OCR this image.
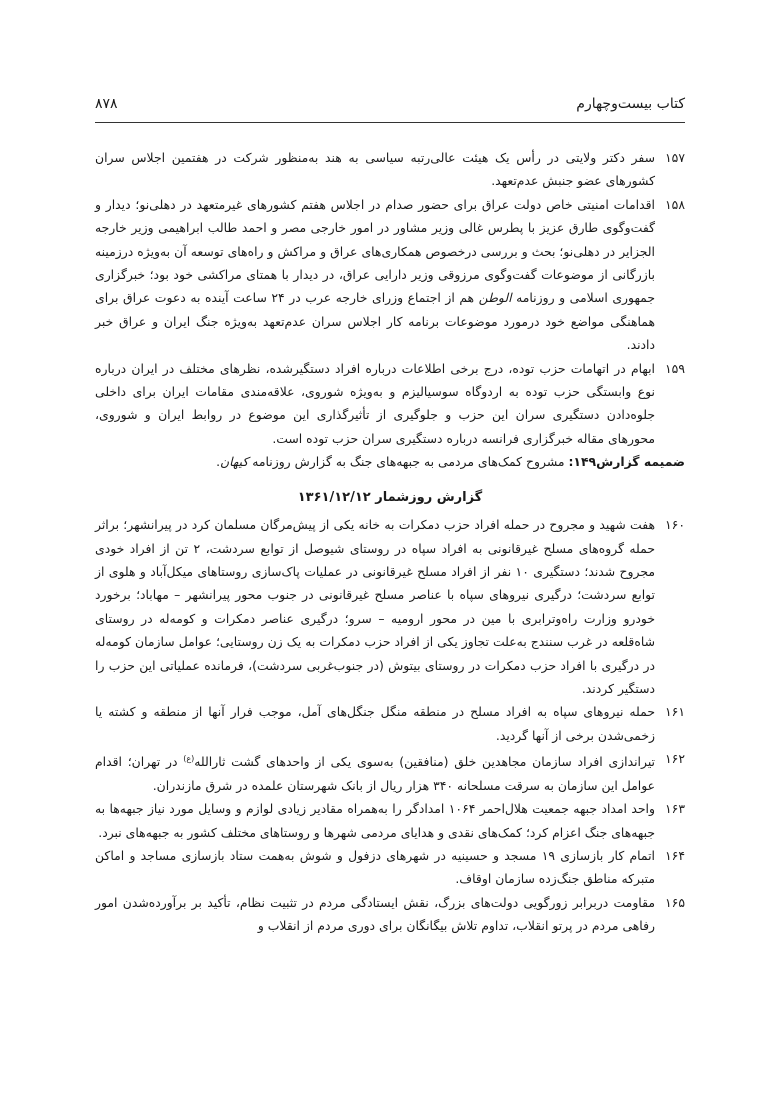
کتاب بیست‌وچهارم
۸۷۸
۱۵۷
سفر دکتر ولایتی در رأس یک هیئت عالی‌رتبه سیاسی به هند به‌منظور شرکت در هفتمین اجلاس سران کشورهای عضو جنبش عدم‌تعهد.
۱۵۸
اقدامات امنیتی خاص دولت عراق برای حضور صدام در اجلاس هفتم کشورهای غیرمتعهد در دهلی‌نو؛ دیدار و گفت‌وگوی طارق عزیز با پطرس غالی وزیر مشاور در امور خارجی مصر و احمد طالب ابراهیمی وزیر خارجه الجزایر در دهلی‌نو؛ بحث و بررسی درخصوص همکاری‌های عراق و مراکش و راه‌های توسعه آن به‌ویژه درزمینه بازرگانی از موضوعات گفت‌وگوی مرزوقی وزیر دارایی عراق، در دیدار با همتای مراکشی خود بود؛ خبرگزاری جمهوری اسلامی و روزنامه الوطن هم از اجتماع وزرای خارجه عرب در ۲۴ ساعت آینده به دعوت عراق برای هماهنگی مواضع خود درمورد موضوعات برنامه کار اجلاس سران عدم‌تعهد به‌ویژه جنگ ایران و عراق خبر دادند.
۱۵۹
ابهام در اتهامات حزب توده، درج برخی اطلاعات درباره افراد دستگیرشده، نظرهای مختلف در ایران درباره نوع وابستگی حزب توده به اردوگاه سوسیالیزم و به‌ویژه شوروی، علاقه‌مندی مقامات ایران برای داخلی جلوه‌دادن دستگیری سران این حزب و جلوگیری از تأثیرگذاری این موضوع در روابط ایران و شوروی، محورهای مقاله خبرگزاری فرانسه درباره دستگیری سران حزب توده است.

ضمیمه گزارش۱۴۹: مشروح کمک‌های مردمی به جبهه‌های جنگ به گزارش روزنامه کیهان.

گزارش روزشمار ۱۳۶۱/۱۲/۱۲
۱۶۰
هفت شهید و مجروح در حمله افراد حزب دمکرات به خانه یکی از پیش‌مرگان مسلمان کرد در پیرانشهر؛ براثر حمله گروه‌های مسلح غیرقانونی به افراد سپاه در روستای شیوصل از توابع سردشت، ۲ تن از افراد خودی مجروح شدند؛ دستگیری ۱۰ نفر از افراد مسلح غیرقانونی در عملیات پاک‌سازی روستاهای میکل‌آباد و هلوی از توابع سردشت؛ درگیری نیروهای سپاه با عناصر مسلح غیرقانونی در جنوب محور پیرانشهر – مهاباد؛ برخورد خودرو وزارت راه‌وترابری با مین در محور ارومیه – سرو؛ درگیری عناصر دمکرات و کومه‌له در روستای شاه‌قلعه در غرب سنندج به‌علت تجاوز یکی از افراد حزب دمکرات به یک زن روستایی؛ عوامل سازمان کومه‌له در درگیری با افراد حزب دمکرات در روستای بیتوش (در جنوب‌غربی سردشت)، فرمانده عملیاتی این حزب را دستگیر کردند.
۱۶۱
حمله نیروهای سپاه به افراد مسلح در منطقه منگل جنگل‌های آمل، موجب فرار آنها از منطقه و کشته یا زخمی‌شدن برخی از آنها گردید.
۱۶۲
تیراندازی افراد سازمان مجاهدین خلق (منافقین) به‌سوی یکی از واحدهای گشت ثارالله$^{(ع)}$ در تهران؛ اقدام عوامل این سازمان به سرقت مسلحانه ۳۴۰ هزار ریال از بانک شهرستان علمده در شرق مازندران.
۱۶۳
واحد امداد جبهه جمعیت هلال‌احمر ۱۰۶۴ امدادگر را به‌همراه مقادیر زیادی لوازم و وسایل مورد نیاز جبهه‌ها به جبهه‌های جنگ اعزام کرد؛ کمک‌های نقدی و هدایای مردمی شهرها و روستاهای مختلف کشور به جبهه‌های نبرد.
۱۶۴
اتمام کار بازسازی ۱۹ مسجد و حسینیه در شهرهای دزفول و شوش به‌همت ستاد بازسازی مساجد و اماکن متبرکه مناطق جنگ‌زده سازمان اوقاف.
۱۶۵
مقاومت دربرابر زورگویی دولت‌های بزرگ، نقش ایستادگی مردم در تثبیت نظام، تأکید بر برآورده‌شدن امور رفاهی مردم در پرتو انقلاب، تداوم تلاش بیگانگان برای دوری مردم از انقلاب و
